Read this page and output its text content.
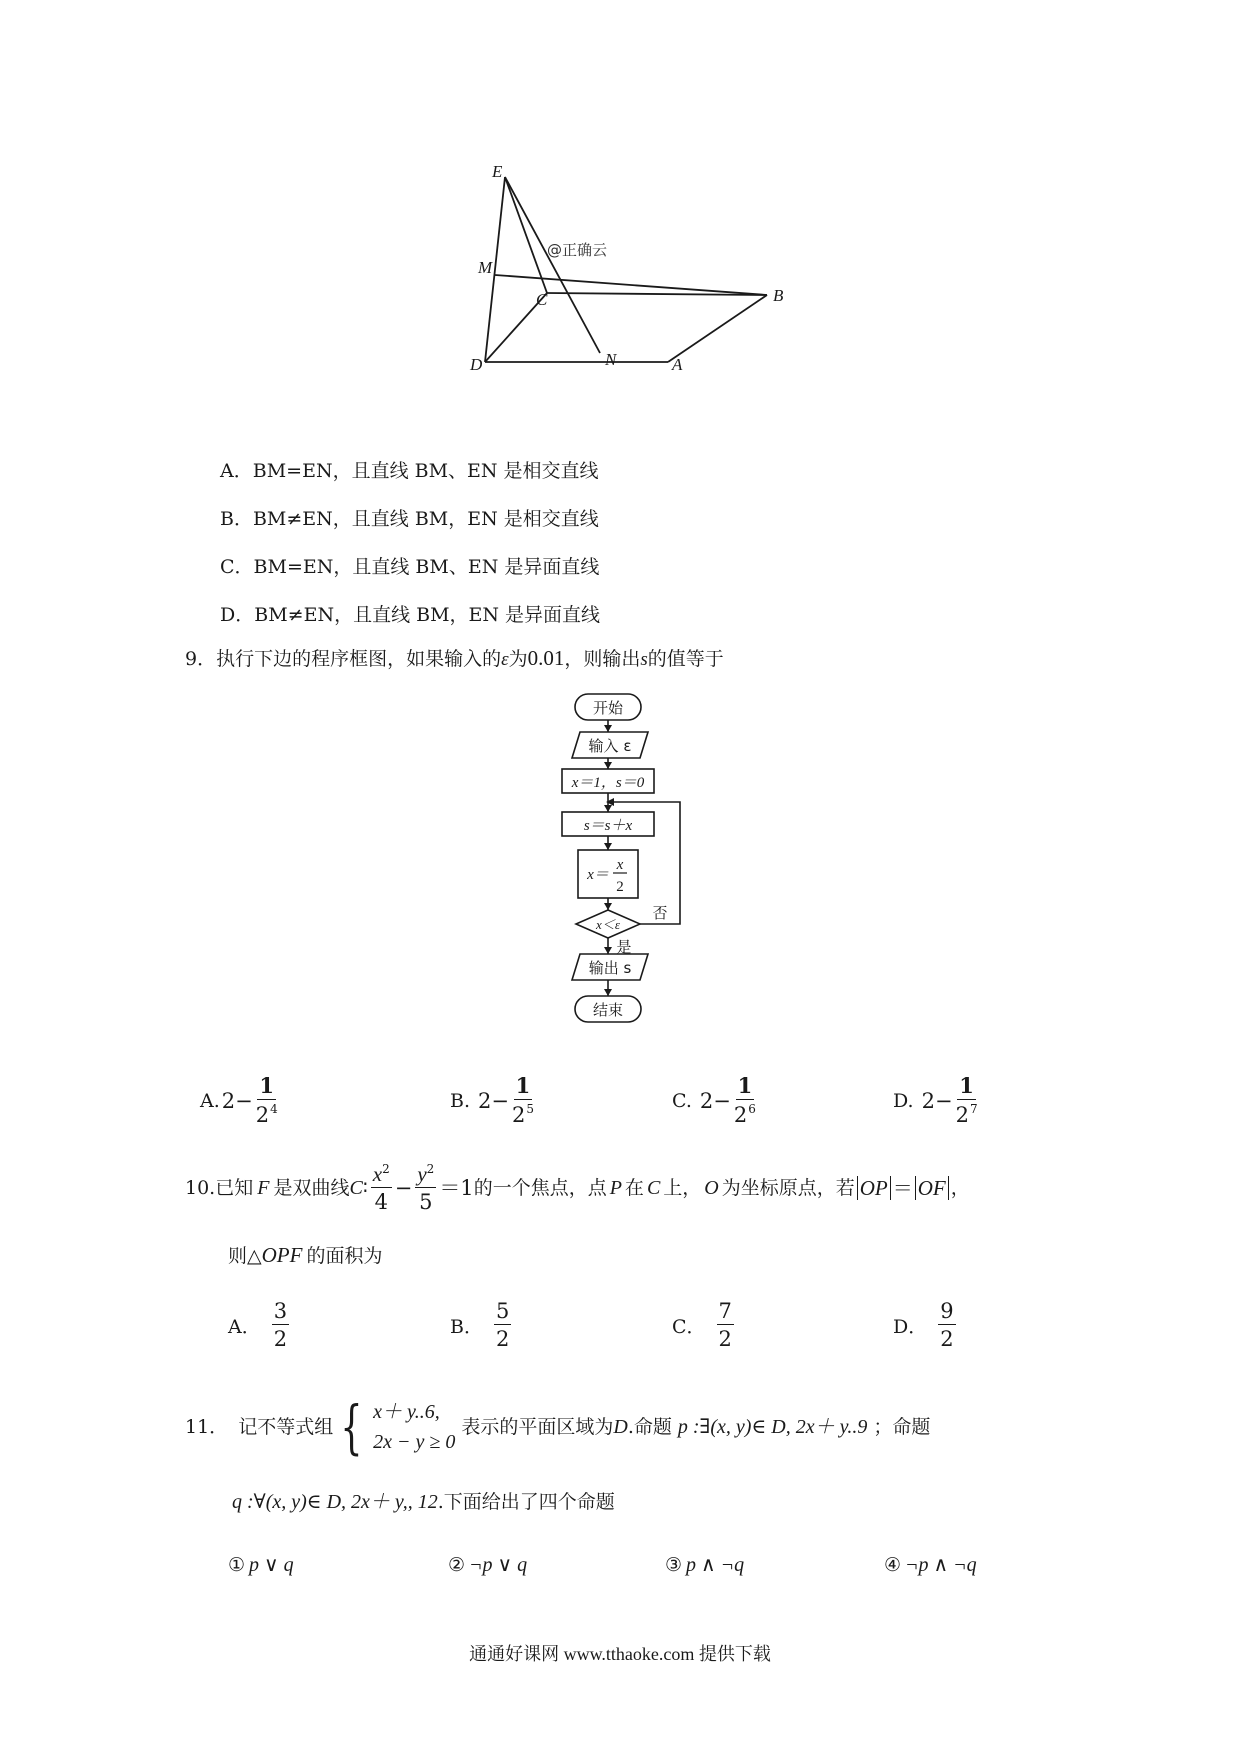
E
M
C	B
N
D	A
@正确云
A．BM=EN，且直线 BM、EN 是相交直线
B．BM≠EN，且直线 BM，EN 是相交直线
C．BM=EN，且直线 BM、EN 是异面直线
D．BM≠EN，且直线 BM，EN 是异面直线
9．执行下边的程序框图，如果输入的ε为0.01，则输出s的值等于
开始
输入 ε
x＝1，s＝0
s＝s＋x
x＝
x
2
x＜ε
否
是
输出 s
结束
A. $2- \frac{1}{2^4}$	B. $2- \frac{1}{2^5}$	C. $2- \frac{1}{2^6}$	D. $2- \frac{1}{2^7}$
10. 已知 F 是双曲线 C ∶ $\frac{x^2}{4} - \frac{y^2}{5} =1$ 的一个焦点，点 P 在 C 上， O 为坐标原点，若 OP ＝ OF ，
则△OPF 的面积为
A． $\frac{3}{2}$	B． $\frac{5}{2}$	C． $\frac{7}{2}$	D． $\frac{9}{2}$
11． 记不等式组 { x＋ y..6,
2x − y ≥ 0
表示的平面区域为 D .命题 p :∃(x, y)∈ D, 2x＋ y..9 ；命题
q :∀(x, y)∈ D, 2x＋ y,, 12.下面给出了四个命题
① p ∨ q	② ¬p ∨ q	③ p ∧ ¬q	④ ¬p ∧ ¬q
通通好课网 www.tthaoke.com 提供下载
